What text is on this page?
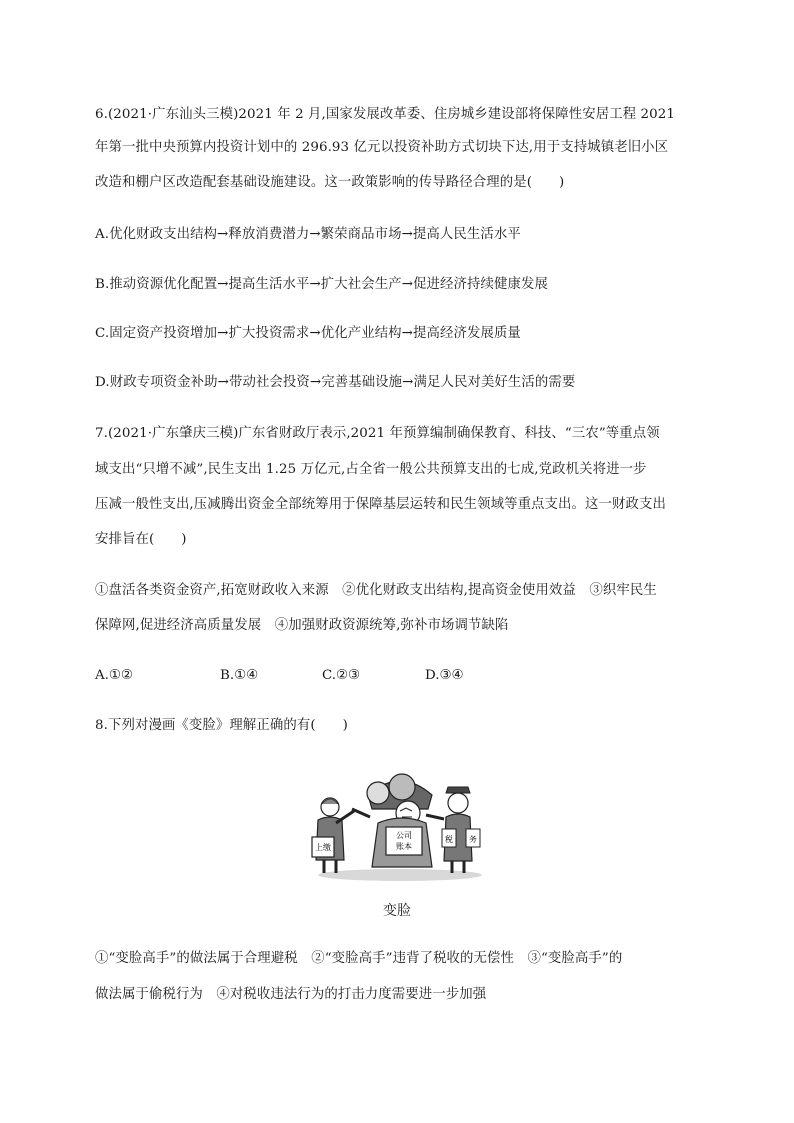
6.(2021·广东汕头三模)2021 年 2 月,国家发展改革委、住房城乡建设部将保障性安居工程 2021
年第一批中央预算内投资计划中的 296.93 亿元以投资补助方式切块下达,用于支持城镇老旧小区
改造和棚户区改造配套基础设施建设。这一政策影响的传导路径合理的是(　　)
A.优化财政支出结构→释放消费潜力→繁荣商品市场→提高人民生活水平
B.推动资源优化配置→提高生活水平→扩大社会生产→促进经济持续健康发展
C.固定资产投资增加→扩大投资需求→优化产业结构→提高经济发展质量
D.财政专项资金补助→带动社会投资→完善基础设施→满足人民对美好生活的需要
7.(2021·广东肇庆三模)广东省财政厅表示,2021 年预算编制确保教育、科技、“三农”等重点领
域支出“只增不减”,民生支出 1.25 万亿元,占全省一般公共预算支出的七成,党政机关将进一步
压减一般性支出,压减腾出资金全部统筹用于保障基层运转和民生领域等重点支出。这一财政支出
安排旨在(　　)
①盘活各类资金资产,拓宽财政收入来源　②优化财政支出结构,提高资金使用效益　③织牢民生
保障网,促进经济高质量发展　④加强财政资源统筹,弥补市场调节缺陷
A.①②	B.①④	C.②③	D.③④
8.下列对漫画《变脸》理解正确的有(　　)
上缴
公司
账本
税 务
变脸
①“变脸高手”的做法属于合理避税　②“变脸高手”违背了税收的无偿性　③“变脸高手”的
做法属于偷税行为　④对税收违法行为的打击力度需要进一步加强
